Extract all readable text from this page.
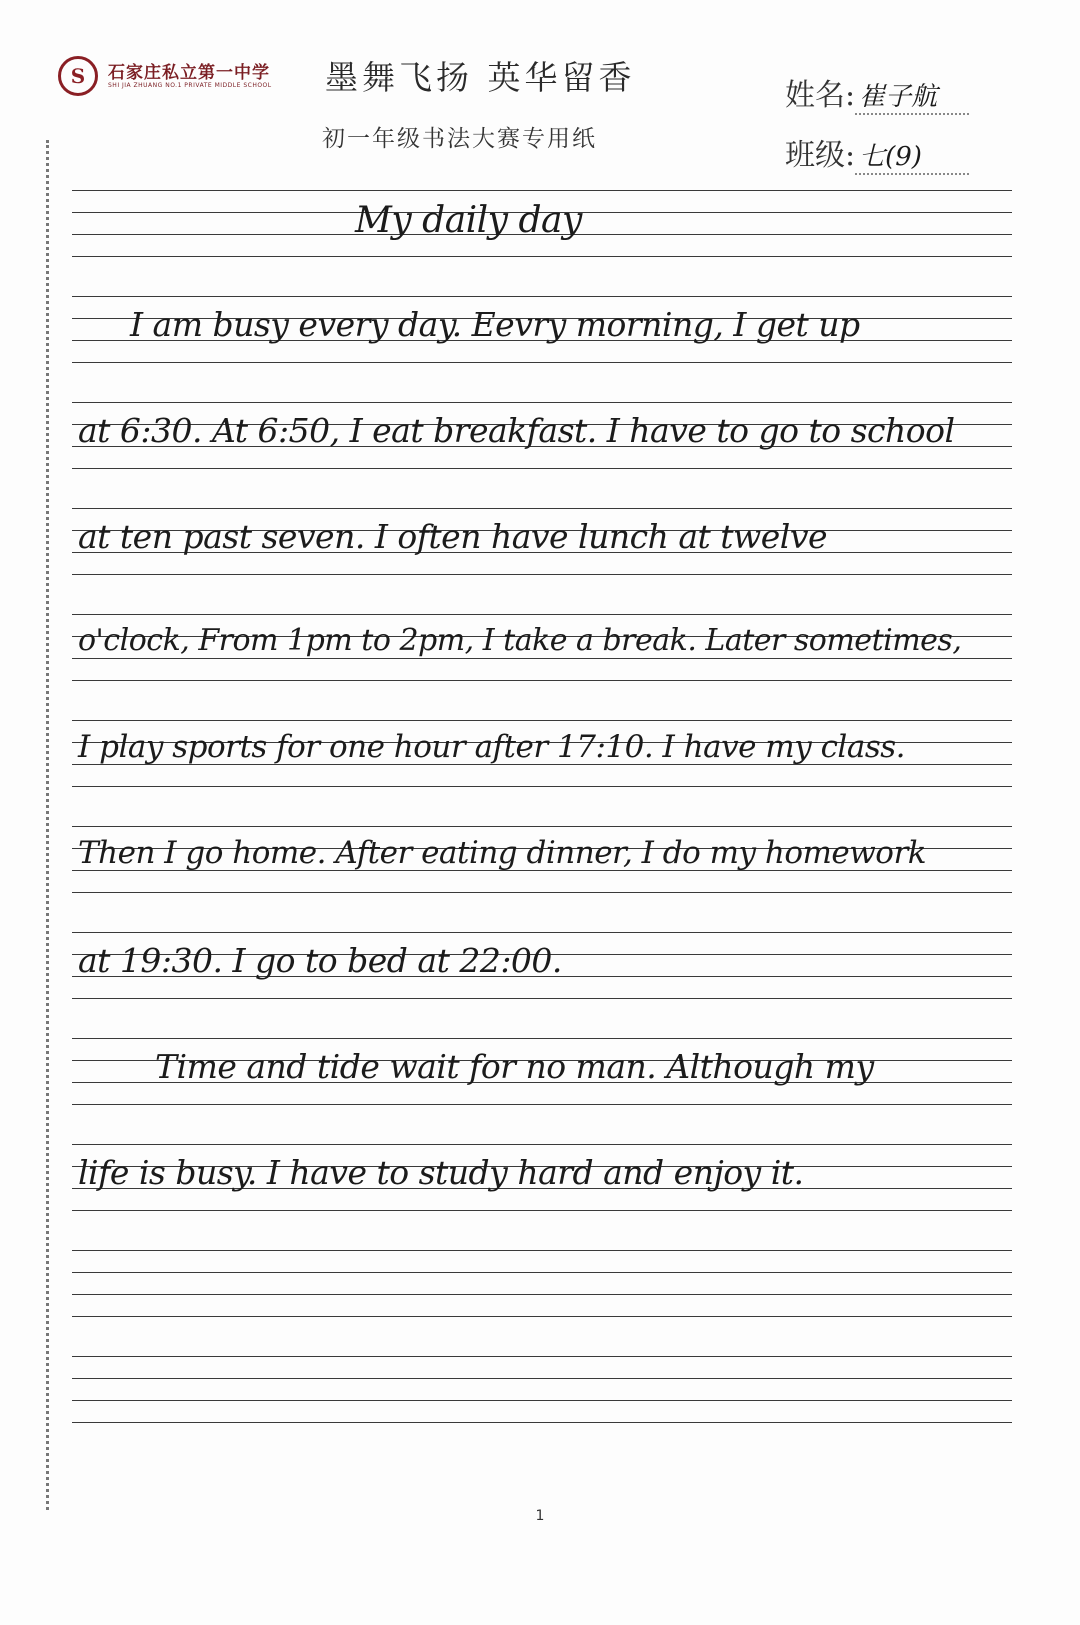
S	石家庄私立第一中学
SHI JIA ZHUANG NO.1 PRIVATE MIDDLE SCHOOL 墨舞飞扬 英华留香
初一年级书法大赛专用纸
姓名: 崔子航
班级: 七(9)
My daily day
I am busy every day. Eevry morning, I get up
at 6:30. At 6:50, I eat breakfast. I have to go to school
at ten past seven. I often have lunch at twelve
o'clock, From 1pm to 2pm, I take a break. Later sometimes,
I play sports for one hour after 17:10. I have my class.
Then I go home. After eating dinner, I do my homework
at 19:30. I go to bed at 22:00.
Time and tide wait for no man. Although my
life is busy. I have to study hard and enjoy it.
1
